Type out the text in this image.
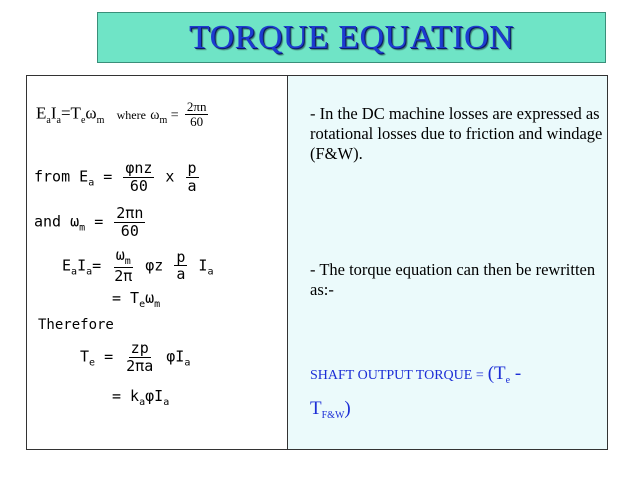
TORQUE EQUATION
$E_aI_a=T_e\omega_m$ where $\omega_m = \frac{2\pi n}{60}$
from $E_a = \frac{\text{φnz}}{60}$ x $\frac{p}{a}$
and $\omega_m = \frac{2\pi n}{60}$
$E_aI_a= \frac{\omega_m}{2\pi}$ φz $\frac{p}{a} I_a$
= $T_e\omega_m$
Therefore
$T_e = \frac{zp}{2\pi a} \varphi I_a$
= $k_a\varphi I_a$
- In the DC machine losses are expressed as rotational losses due to friction and windage (F&W).
- The torque equation can then be rewritten as:-
SHAFT OUTPUT TORQUE = ($T_e$ -
$T_{F\&W}$)
